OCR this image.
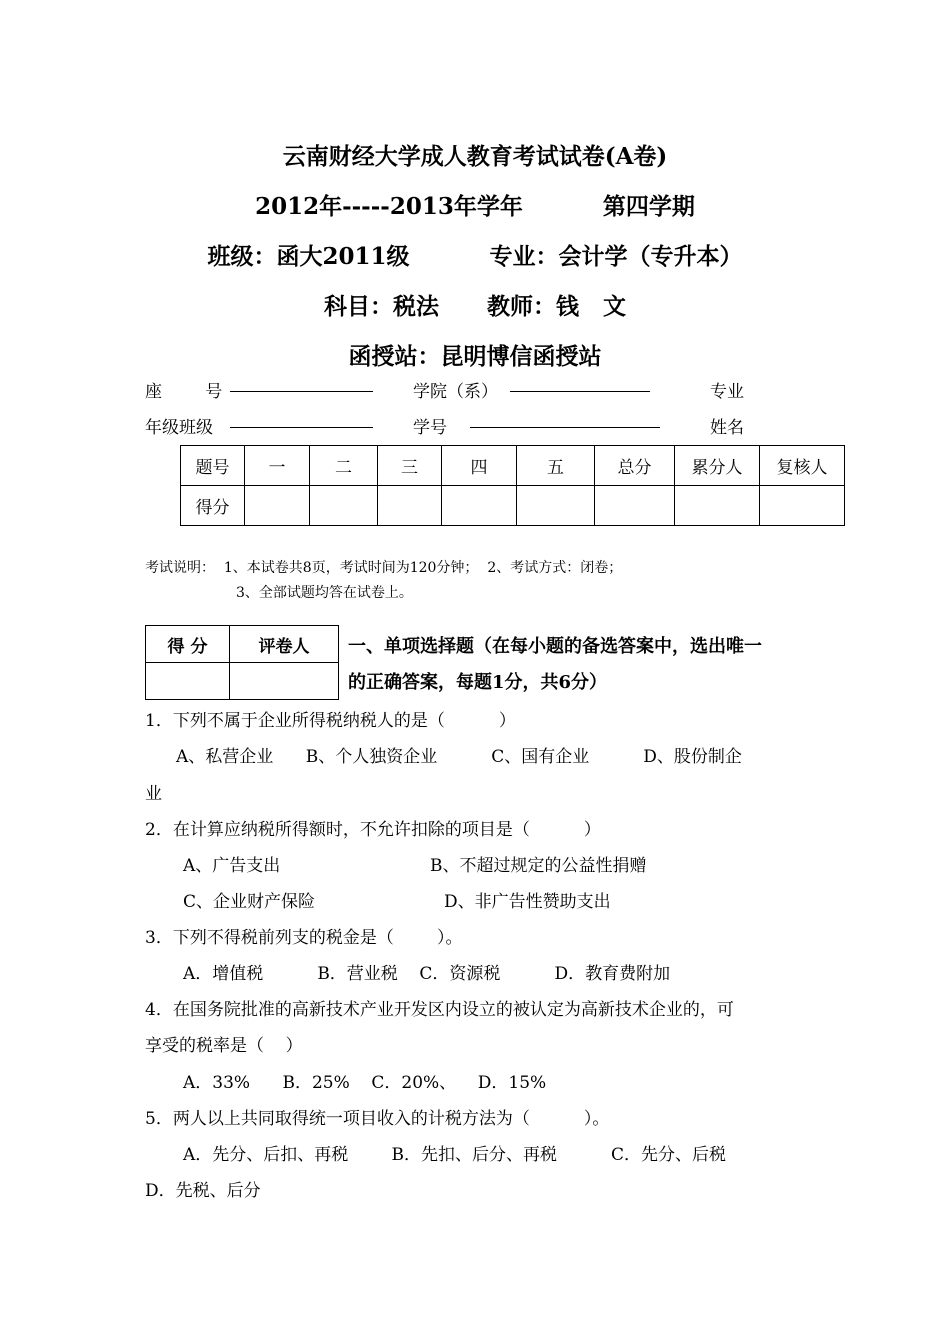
云南财经大学成人教育考试试卷(A卷)
2012年-----2013年学年          第四学期
班级：函大2011级          专业：会计学（专升本）
科目：税法      教师：钱   文
函授站：昆明博信函授站
座        号	学院（系）	专业
年级班级	学号	姓名
题号	一	二	三	四	五	总分	累分人	复核人
得分								
考试说明：  1、本试卷共8页，考试时间为120分钟；  2、考试方式：闭卷；
3、全部试题均答在试卷上。
得 分	评卷人
	一、单项选择题（在每小题的备选答案中，选出唯一
的正确答案，每题1分，共6分）
1．下列不属于企业所得税纳税人的是（          ）
A、私营企业      B、个人独资企业          C、国有企业          D、股份制企
业
2．在计算应纳税所得额时，不允许扣除的项目是（          ）
A、广告支出	B、不超过规定的公益性捐赠
C、企业财产保险	D、非广告性赞助支出
3．下列不得税前列支的税金是（        ）。
A．增值税          B．营业税    C．资源税          D．教育费附加
4．在国务院批准的高新技术产业开发区内设立的被认定为高新技术企业的，可
享受的税率是（    ）
A．33%      B．25%    C．20%、    D．15%
5．两人以上共同取得统一项目收入的计税方法为（          ）。
A．先分、后扣、再税        B．先扣、后分、再税          C．先分、后税
D．先税、后分
